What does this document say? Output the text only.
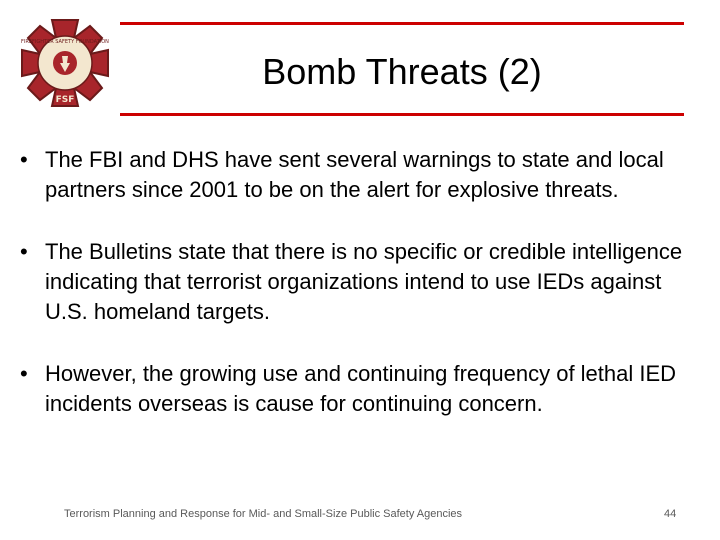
FIREFIGHTER SAFETY FOUNDATION
FSF
Bomb Threats (2)
• The FBI and DHS have sent several warnings to state and local partners since 2001 to be on the alert for explosive threats.
• The Bulletins state that there is no specific or credible intelligence indicating that terrorist organizations intend to use IEDs against U.S. homeland targets.
• However, the growing use and continuing frequency of lethal IED incidents overseas is cause for continuing concern.
Terrorism Planning and Response for Mid- and Small-Size Public Safety Agencies	44
